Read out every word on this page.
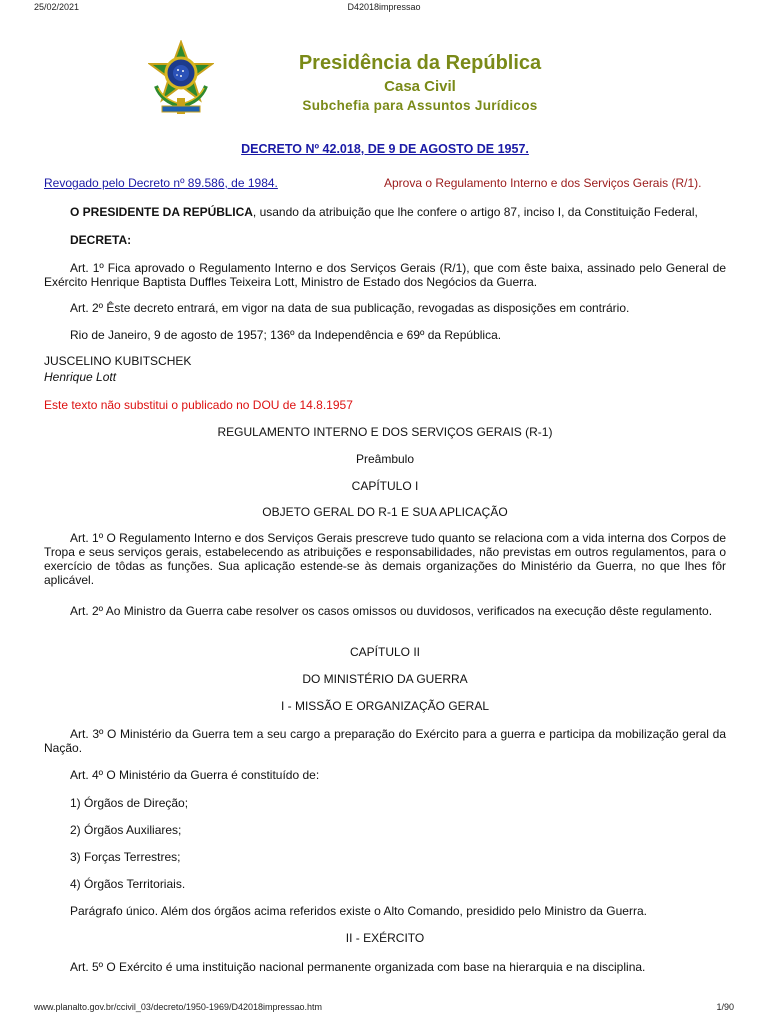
25/02/2021	D42018impressao
Presidência da República
Casa Civil
Subchefia para Assuntos Jurídicos
DECRETO Nº 42.018, DE 9 DE AGOSTO DE 1957.
Revogado pelo Decreto nº 89.586, de 1984.	Aprova o Regulamento Interno e dos Serviços Gerais (R/1).

O PRESIDENTE DA REPÚBLICA, usando da atribuição que lhe confere o artigo 87, inciso I, da Constituição Federal,

DECRETA:

Art. 1º Fica aprovado o Regulamento Interno e dos Serviços Gerais (R/1), que com êste baixa, assinado pelo General de Exército Henrique Baptista Duffles Teixeira Lott, Ministro de Estado dos Negócios da Guerra.

Art. 2º Êste decreto entrará, em vigor na data de sua publicação, revogadas as disposições em contrário.

Rio de Janeiro, 9 de agosto de 1957; 136º da Independência e 69º da República.

JUSCELINO KUBITSCHEK

Henrique Lott

Este texto não substitui o publicado no DOU de 14.8.1957

REGULAMENTO INTERNO E DOS SERVIÇOS GERAIS (R-1)

Preâmbulo

CAPÍTULO I

OBJETO GERAL DO R-1 E SUA APLICAÇÃO

Art. 1º O Regulamento Interno e dos Serviços Gerais prescreve tudo quanto se relaciona com a vida interna dos Corpos de Tropa e seus serviços gerais, estabelecendo as atribuições e responsabilidades, não previstas em outros regulamentos, para o exercício de tôdas as funções. Sua aplicação estende-se às demais organizações do Ministério da Guerra, no que lhes fôr aplicável.

Art. 2º Ao Ministro da Guerra cabe resolver os casos omissos ou duvidosos, verificados na execução dêste regulamento.

CAPÍTULO II

DO MINISTÉRIO DA GUERRA

I - MISSÃO E ORGANIZAÇÃO GERAL

Art. 3º O Ministério da Guerra tem a seu cargo a preparação do Exército para a guerra e participa da mobilização geral da Nação.

Art. 4º O Ministério da Guerra é constituído de:

1) Órgãos de Direção;

2) Órgãos Auxiliares;

3) Forças Terrestres;

4) Órgãos Territoriais.

Parágrafo único. Além dos órgãos acima referidos existe o Alto Comando, presidido pelo Ministro da Guerra.

II - EXÉRCITO

Art. 5º O Exército é uma instituição nacional permanente organizada com base na hierarquia e na disciplina.

www.planalto.gov.br/ccivil_03/decreto/1950-1969/D42018impressao.htm	1/90
